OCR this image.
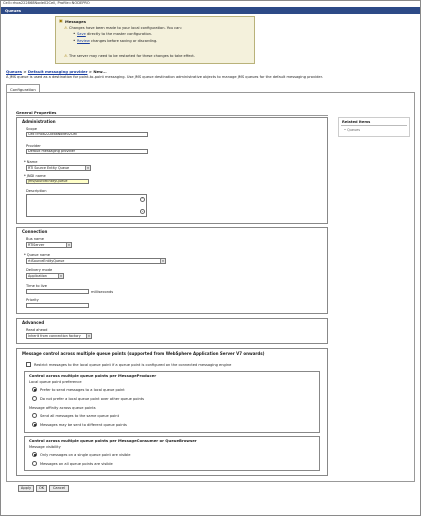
Cell=rhoa222868Node02Cell, Profile=NODEPRO
Queues
▣ Messages
⚠ Changes have been made to your local configuration. You can:
• Save directly to the master configuration.
• Review changes before saving or discarding.
⚠ The server may need to be restarted for these changes to take effect.
Queues > Default messaging provider > New...
A JMS queue is used as a destination for point-to-point messaging. Use JMS queue destination administrative objects to manage JMS queues for the default messaging provider.
Configuration
General Properties
Related Items
• Queues
Administration
Scope
Cell=rhoa222868Node02Cell
Provider
Default messaging provider
* Name
RTI Source Entity Queue	▾
* JNDI name
jms/sourceEntityQueue
Description
⌃
⌄
Connection
Bus name
RTIServer	▾
* Queue name
rtiSourceEntityQueue	▾
Delivery mode
Application	▾
Time to live
milliseconds
Priority
Advanced
Read ahead
Inherit from connection factory	▾
Message control across multiple queue points (supported from WebSphere Application Server V7 onwards)
Restrict messages to the local queue point if a queue point is configured on the connected messaging engine
Control across multiple queue points per MessageProducer
Local queue point preference
Prefer to send messages to a local queue point
Do not prefer a local queue point over other queue points
Message affinity across queue points
Send all messages to the same queue point
Messages may be sent to different queue points
Control across multiple queue points per MessageConsumer or QueueBrowser
Message visibility
Only messages on a single queue point are visible
Messages on all queue points are visible
Apply	OK	Cancel
